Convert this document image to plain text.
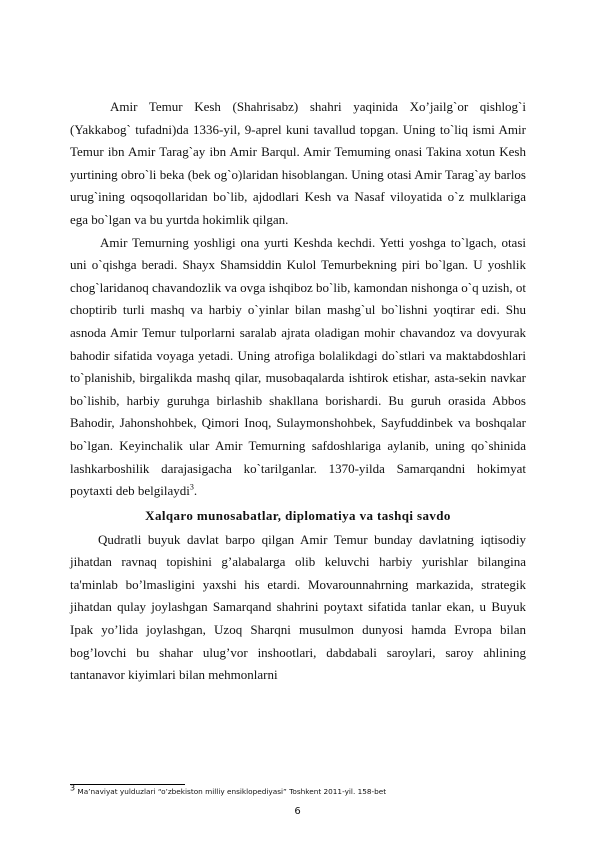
Amir Temur Kesh (Shahrisabz) shahri yaqinida Xo’jailg`or qishlog`i (Yakkabog` tufadni)da 1336-yil, 9-aprel kuni tavallud topgan. Uning to`liq ismi Amir Temur ibn Amir Tarag`ay ibn Amir Barqul. Amir Temuming onasi Takina xotun Kesh yurtining obro`li beka (bek og`o)laridan hisoblangan. Uning otasi Amir Tarag`ay barlos urug`ining oqsoqollaridan bo`lib, ajdodlari Kesh va Nasaf viloyatida o`z mulklariga ega bo`lgan va bu yurtda hokimlik qilgan.

Amir Temurning yoshligi ona yurti Keshda kechdi. Yetti yoshga to`lgach, otasi uni o`qishga beradi. Shayx Shamsiddin Kulol Temurbekning piri bo`lgan. U yoshlik chog`laridanoq chavandozlik va ovga ishqiboz bo`lib, kamondan nishonga o`q uzish, ot choptirib turli mashq va harbiy o`yinlar bilan mashg`ul bo`lishni yoqtirar edi. Shu asnoda Amir Temur tulporlarni saralab ajrata oladigan mohir chavandoz va dovyurak bahodir sifatida voyaga yetadi. Uning atrofiga bolalikdagi do`stlari va maktabdoshlari to`planishib, birgalikda mashq qilar, musobaqalarda ishtirok etishar, asta-sekin navkar bo`lishib, harbiy guruhga birlashib shakllana borishardi. Bu guruh orasida Abbos Bahodir, Jahonshohbek, Qimori Inoq, Sulaymonshohbek, Sayfuddinbek va boshqalar bo`lgan. Keyinchalik ular Amir Temurning safdoshlariga aylanib, uning qo`shinida lashkarboshilik darajasigacha ko`tarilganlar. 1370-yilda Samarqandni hokimyat poytaxti deb belgilaydi$^3$.

Xalqaro munosabatlar, diplomatiya va tashqi savdo

Qudratli buyuk davlat barpo qilgan Amir Temur bunday davlatning iqtisodiy jihatdan ravnaq topishini g’alabalarga olib keluvchi harbiy yurishlar bilangina ta'minlab bo’lmasligini yaxshi his etardi. Movarounnahrning markazida, strategik jihatdan qulay joylashgan Samarqand shahrini poytaxt sifatida tanlar ekan, u Buyuk Ipak yo’lida joylashgan, Uzoq Sharqni musulmon dunyosi hamda Evropa bilan bog’lovchi bu shahar ulug’vor inshootlari, dabdabali saroylari, saroy ahlining tantanavor kiyimlari bilan mehmonlarni

$^3$ Ma’naviyat yulduzlari “o’zbekiston milliy ensiklopediyasi” Toshkent 2011-yil. 158-bet
6
